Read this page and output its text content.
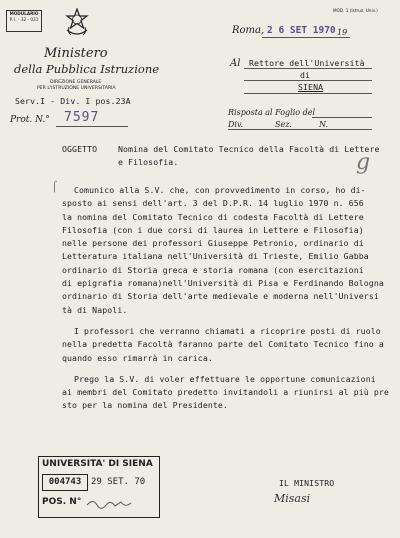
MODULARIO
P. I. - 32 - 031
MOD. 1 (Istruz. Univ.)
Ministero
della Pubblica Istruzione
DIREZIONE GENERALE
PER L'ISTRUZIONE UNIVERSITARIA
Serv.I - Div. I pos.23A
Prot. N.° 7597
Roma, 2 6 SET 1970 19
Al Rettore dell'Università
di
SIENA
Risposta al Foglio del
Div.	Sez.	N.
OGGETTO	Nomina del Comitato Tecnico della Facoltà di Lettere
e Filosofia.	g
⌠	Comunico alla S.V. che, con provvedimento in corso, ho di-
sposto ai sensi dell'art. 3 del D.P.R. 14 luglio 1970 n. 656
la nomina del Comitato Tecnico di codesta Facoltà di Lettere
Filosofia (con i due corsi di laurea in Lettere e Filosofia)
nelle persone dei professori Giuseppe Petronio, ordinario di
Letteratura italiana nell'Università di Trieste, Emilio Gabba
ordinario di Storia greca e storia romana (con esercitazioni
di epigrafia romana)nell'Università di Pisa e Ferdinando Bologna
ordinario di Storia dell'arte medievale e moderna nell'Universi
tà di Napoli.
I professori che verranno chiamati a ricoprire posti di ruolo
nella predetta Facoltà faranno parte del Comitato Tecnico fino a
quando esso rimarrà in carica.
Prego la S.V. di voler effettuare le opportune comunicazioni
ai membri del Comitato predetto invitandoli a riunirsi al più pre
sto per la nomina del Presidente.
UNIVERSITA' DI SIENA
004743	29 SET. 70
POS. N°
IL MINISTRO
Misasi
